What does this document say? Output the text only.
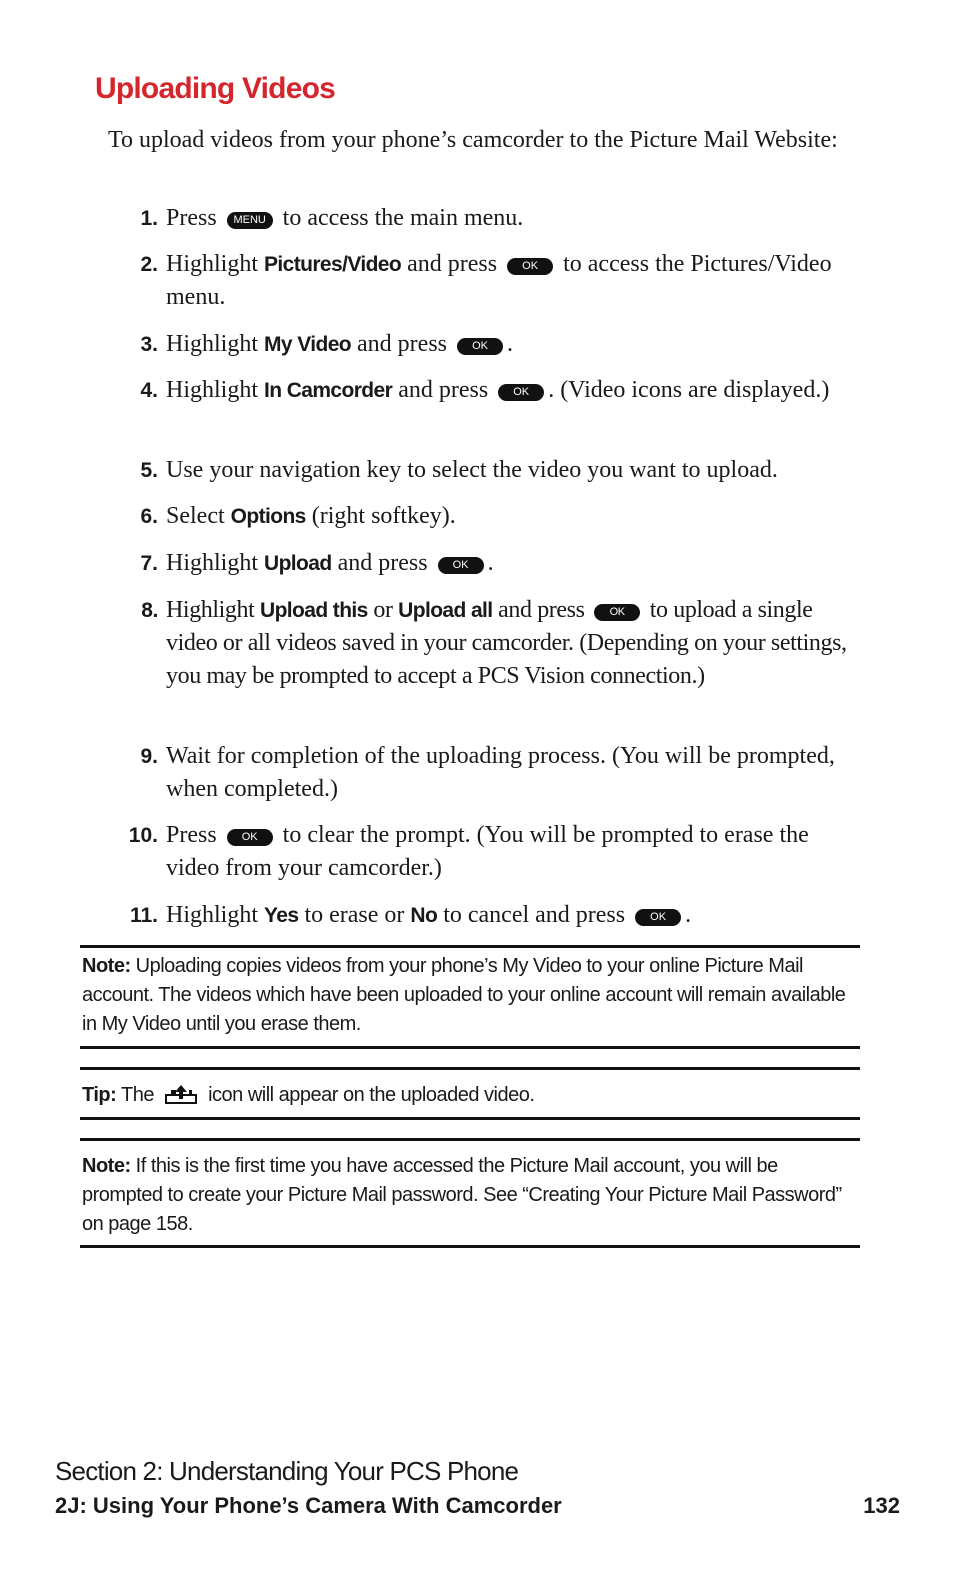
Uploading Videos
To upload videos from your phone’s camcorder to the Picture Mail Website:
1. Press MENU to access the main menu.
2. Highlight Pictures/Video and press OK to access the Pictures/Video menu.
3. Highlight My Video and press OK .
4. Highlight In Camcorder and press OK . (Video icons are displayed.)
5. Use your navigation key to select the video you want to upload.
6. Select Options (right softkey).
7. Highlight Upload and press OK .
8. Highlight Upload this or Upload all and press OK to upload a single video or all videos saved in your camcorder. (Depending on your settings, you may be prompted to accept a PCS Vision connection.)
9. Wait for completion of the uploading process. (You will be prompted, when completed.)
10. Press OK to clear the prompt. (You will be prompted to erase the video from your camcorder.)
11. Highlight Yes to erase or No to cancel and press OK .
Note: Uploading copies videos from your phone’s My Video to your online Picture Mail account. The videos which have been uploaded to your online account will remain available in My Video until you erase them.
Tip: The	icon will appear on the uploaded video.
Note: If this is the first time you have accessed the Picture Mail account, you will be prompted to create your Picture Mail password. See “Creating Your Picture Mail Password” on page 158.
Section 2: Understanding Your PCS Phone
2J: Using Your Phone’s Camera With Camcorder	132
